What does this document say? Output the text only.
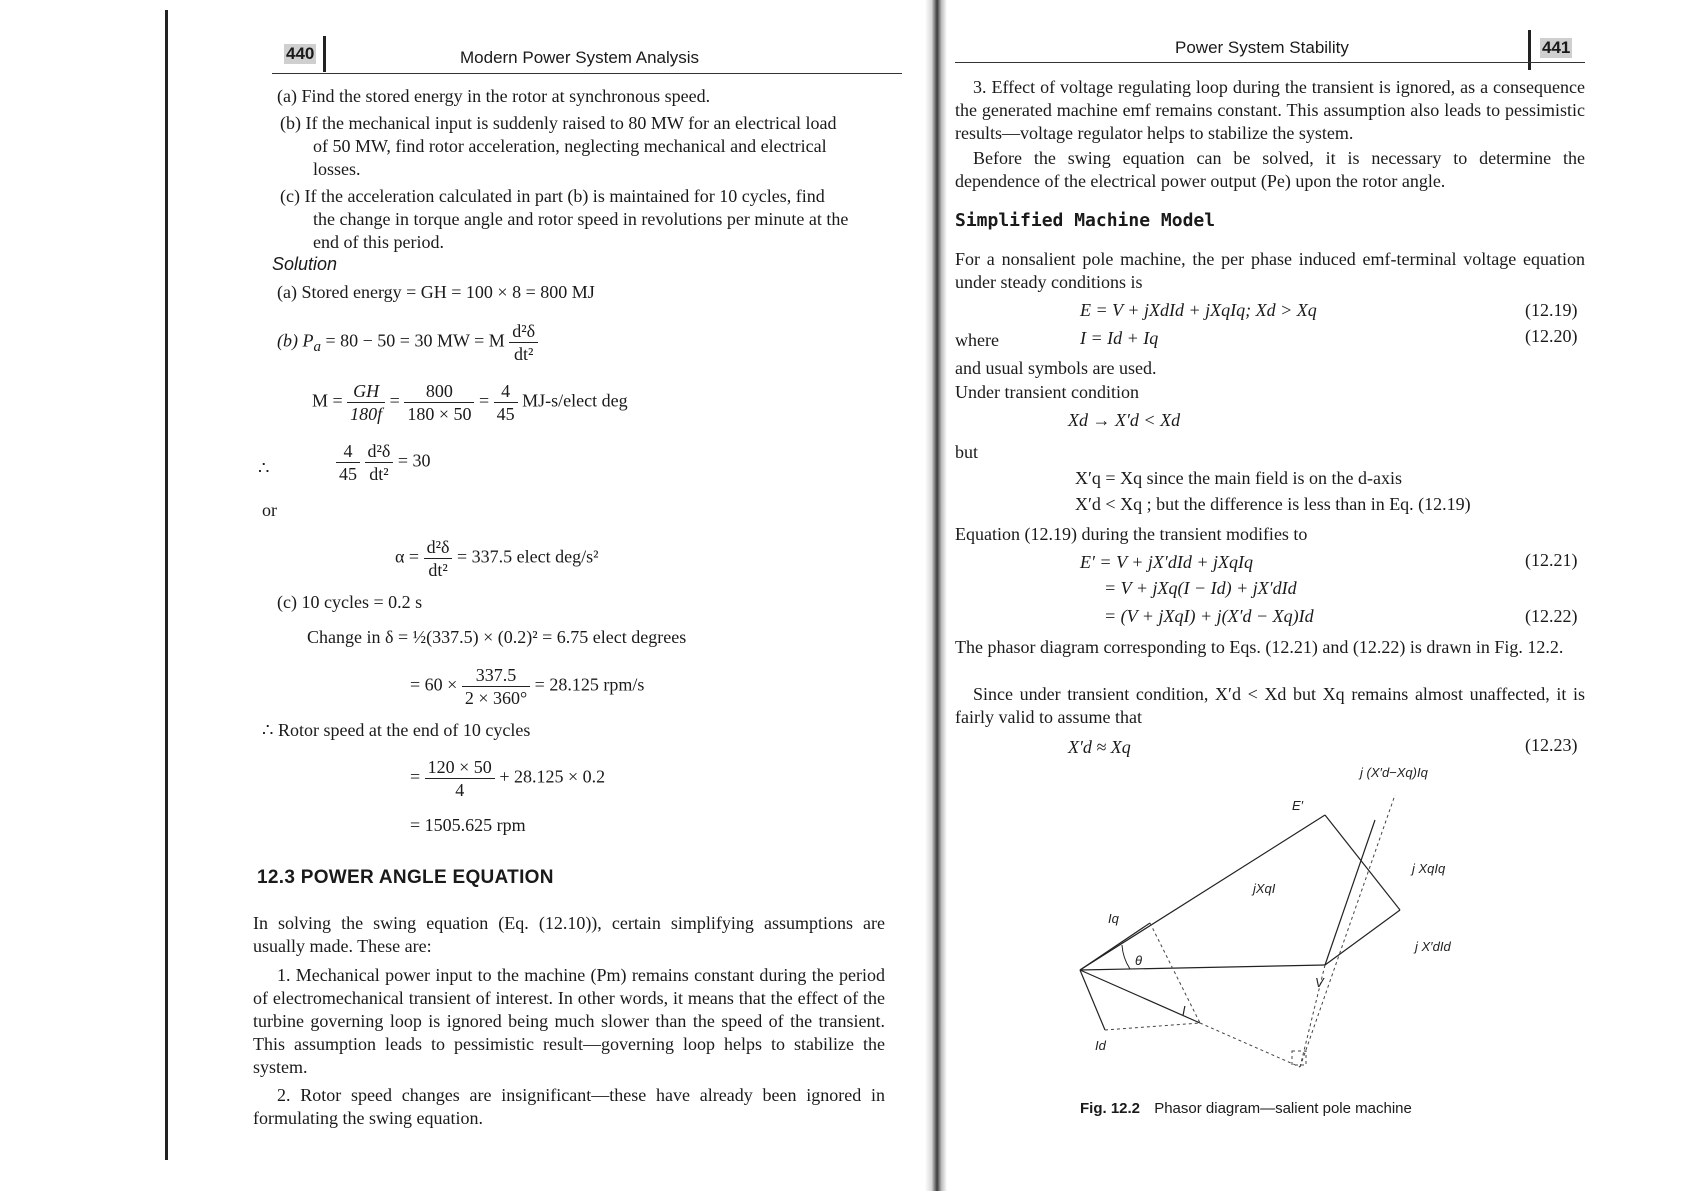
440	Modern Power System Analysis
(a) Find the stored energy in the rotor at synchronous speed.
(b) If the mechanical input is suddenly raised to 80 MW for an electrical load
of 50 MW, find rotor acceleration, neglecting mechanical and electrical
losses.
(c) If the acceleration calculated in part (b) is maintained for 10 cycles, find
the change in torque angle and rotor speed in revolutions per minute at the
end of this period.
Solution
(a) Stored energy = GH = 100 × 8 = 800 MJ
(b) $P_a = 80 - 50 = 30$ MW = M $\frac{\text{d²δ}}{\text{dt²}}$
$M = \frac{GH}{180f} = \frac{800}{180 \times 50} = \frac{4}{45}$ MJ-s/elect deg
∴	$\frac{4}{45}$
$\frac{\text{d²δ}}{\text{dt²}} = 30$
or
$\alpha = \frac{\text{d²δ}}{\text{dt²}} = 337.5$ elect deg/s²
(c) 10 cycles = 0.2 s
Change in δ = ½(337.5) × (0.2)² = 6.75 elect degrees
= $60 \times \frac{337.5}{2 \times 360^\circ} = 28.125$ rpm/s
∴ Rotor speed at the end of 10 cycles
= $\frac{120 \times 50}{4} + 28.125 \times 0.2$
= 1505.625 rpm
12.3 POWER ANGLE EQUATION
In solving the swing equation (Eq. (12.10)), certain simplifying assumptions are usually made. These are:
1. Mechanical power input to the machine (Pm) remains constant during the period of electromechanical transient of interest. In other words, it means that the effect of the turbine governing loop is ignored being much slower than the speed of the transient. This assumption leads to pessimistic result—governing loop helps to stabilize the system.
2. Rotor speed changes are insignificant—these have already been ignored in formulating the swing equation.
Power System Stability	441
3. Effect of voltage regulating loop during the transient is ignored, as a consequence the generated machine emf remains constant. This assumption also leads to pessimistic results—voltage regulator helps to stabilize the system.
Before the swing equation can be solved, it is necessary to determine the dependence of the electrical power output (Pe) upon the rotor angle.
Simplified Machine Model
For a nonsalient pole machine, the per phase induced emf-terminal voltage equation under steady conditions is
E = V + jXdId + jXqIq; Xd > Xq	(12.19)
where	I = Id + Iq	(12.20)
and usual symbols are used.
Under transient condition
Xd → X′d < Xd
but
X′q = Xq since the main field is on the d-axis
X′d < Xq ; but the difference is less than in Eq. (12.19)
Equation (12.19) during the transient modifies to
E′ = V + jX′dId + jXqIq	(12.21)
= V + jXq(I − Id) + jX′dId
= (V + jXqI) + j(X′d − Xq)Id	(12.22)
The phasor diagram corresponding to Eqs. (12.21) and (12.22) is drawn in Fig. 12.2.
Since under transient condition, X′d < Xd but Xq remains almost unaffected, it is fairly valid to assume that
X′d ≈ Xq	(12.23)
j (X′d−Xq)Iq
E′
j XqIq
jXqI
Iq
j X′dId
θ
V
I
Id
Fig. 12.2 Phasor diagram—salient pole machine
